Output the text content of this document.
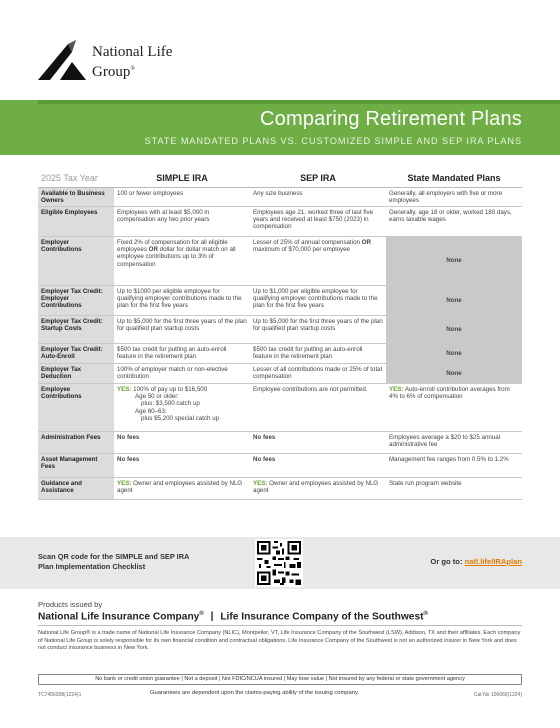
National Life
Group®
Comparing Retirement Plans
STATE MANDATED PLANS VS. CUSTOMIZED SIMPLE AND SEP IRA PLANS
2025 Tax Year	SIMPLE IRA	SEP IRA	State Mandated Plans
Available to Business Owners	100 or fewer employees	Any size business	Generally, all employers with five or more employees
Eligible Employees	Employees with at least $5,000 in compensation any two prior years	Employees age 21, worked three of last five years and received at least $750 (2023) in compensation	Generally, age 18 or older, worked 180 days, earns taxable wages
Employer Contributions	Fixed 2% of compensation for all eligible employees OR dollar for dollar match on all employee contributions up to 3% of compensation	Lesser of 25% of annual compensation OR maximum of $70,000 per employee	None
Employer Tax Credit: Employer Contributions	Up to $1000 per eligible employee for qualifying employer contributions made to the plan for the first five years	Up to $1,000 per eligible employee for qualifying employer contributions made to the plan for the first five years	None
Employer Tax Credit: Startup Costs	Up to $5,000 for the first three years of the plan for qualified plan startup costs	Up to $5,000 for the first three years of the plan for qualified plan startup costs	None
Employer Tax Credit: Auto-Enroll	$500 tax credit for putting an auto-enroll feature in the retirement plan	$500 tax credit for putting an auto-enroll feature in the retirement plan	None
Employer Tax Deduction	100% of employer match or non-elective contribution	Lesser of all contributions made or 25% of total compensation	None
Employee Contributions	YES: 100% of pay up to $16,500
Age 50 or older:
plus: $3,500 catch up
Age 60–63:
plus $5,200 special catch up	Employee contributions are not permitted.	YES: Auto-enroll contribution averages from 4% to 6% of compensation
Administration Fees	No fees	No fees	Employees average a $20 to $25 annual administrative fee
Asset Management Fees	No fees	No fees	Management fee ranges from 0.5% to 1.2%
Guidance and Assistance	YES: Owner and employees assisted by NLG agent	YES: Owner and employees assisted by NLG agent	State run program website
Scan QR code for the SIMPLE and SEP IRA
Plan Implementation Checklist
Or go to: natl.life/IRAplan
Products issued by
National Life Insurance Company® | Life Insurance Company of the Southwest®
National Life Group® is a trade name of National Life Insurance Company (NLIC), Montpelier, VT, Life Insurance Company of the Southwest (LSW), Addison, TX and their affiliates. Each company of National Life Group is solely responsible for its own financial condition and contractual obligations. Life Insurance Company of the Southwest is not an authorized insurer in New York and does not conduct insurance business in New York.
No bank or credit union guarantee | Not a deposit | Not FDIC/NCUA insured | May lose value | Not insured by any federal or state government agency
TC7456308(1224)1	Guarantees are dependent upon the claims-paying ability of the issuing company.	Cat No 106660(1224)
